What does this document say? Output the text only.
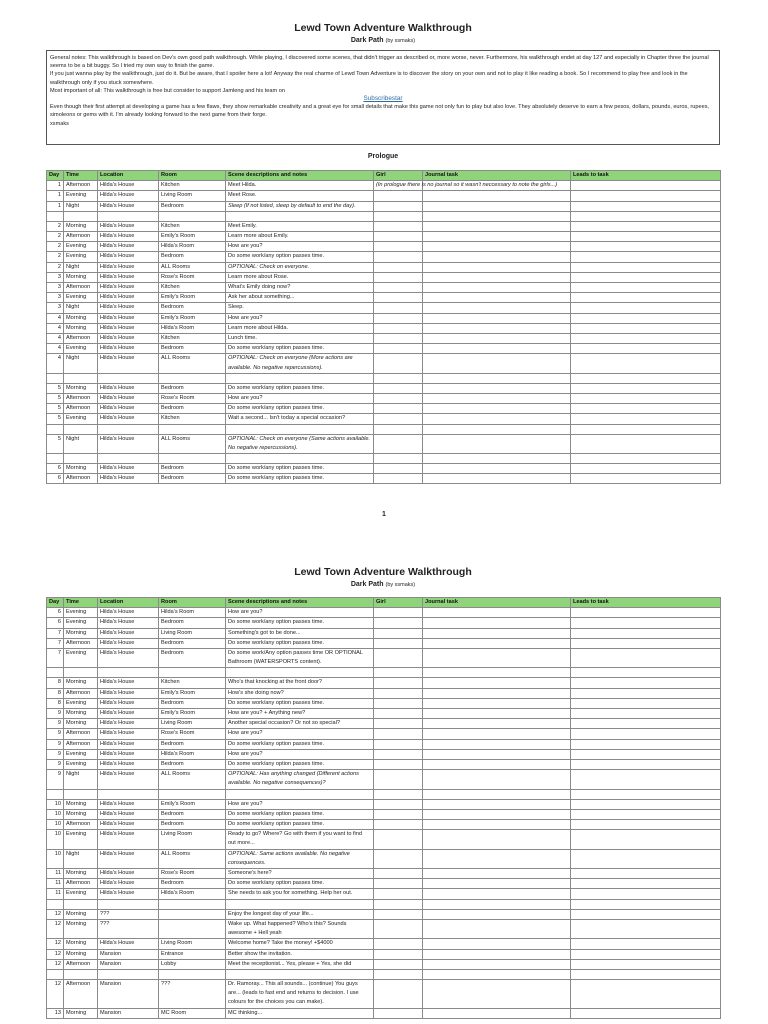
Lewd Town Adventure Walkthrough
Dark Path (by xsmaks)
General notes: This walkthrough is based on Dev's own good path walkthrough. While playing, I discovered some scenes, that didn't trigger as described or, more worse, never. Furthermore, his walkthrough endet at day 127 and especially in Chapter three the journal seems to be a bit buggy. So I tried my own way to finish the game.
If you just wanna play by the walkthrough, just do it. But be aware, that I spoiler here a lot! Anyway the real charme of Lewd Town Adventure is to discover the story on your own and not to play it like reading a book. So I recommend to play free and look in the walkthrough only if you stuck somewhere.
Most important of all: This walkthrough is free but consider to support Jamleng and his team on
Subscribestar
Even though their first attempt at developing a game has a few flaws, they show remarkable creativity and a great eye for small details that make this game not only fun to play but also love. They absolutely deserve to earn a few pesos, dollars, pounds, euros, rupees, simoleons or gems with it. I'm already looking forward to the next game from their forge.
xsmaks
Prologue
Day	Time	Location	Room	Scene descriptions and notes	Girl	Journal task	Leads to task
1	Afternoon	Hilda's House	Kitchen	Meet Hilda.	(In prologue there is no journal so it wasn't neccessary to note the girls...)		
1	Evening	Hilda's House	Living Room	Meet Rose.			
1	Night	Hilda's House	Bedroom	Sleep (If not listed, sleep by default to end the day).			

2	Morning	Hilda's House	Kitchen	Meet Emily.			
2	Afternoon	Hilda's House	Emily's Room	Learn more about Emily.			
2	Evening	Hilda's House	Hilda's Room	How are you?			
2	Evening	Hilda's House	Bedroom	Do some work/any option passes time.			
2	Night	Hilda's House	ALL Rooms	OPTIONAL: Check on everyone.			
3	Morning	Hilda's House	Rose's Room	Learn more about Rose.			
3	Afternoon	Hilda's House	Kitchen	What's Emily doing now?			
3	Evening	Hilda's House	Emily's Room	Ask her about something...			
3	Night	Hilda's House	Bedroom	Sleep.			
4	Morning	Hilda's House	Emily's Room	How are you?			
4	Morning	Hilda's House	Hilda's Room	Learn more about Hilda.			
4	Afternoon	Hilda's House	Kitchen	Lunch time.			
4	Evening	Hilda's House	Bedroom	Do some work/any option passes time.			
4	Night	Hilda's House	ALL Rooms	OPTIONAL: Check on everyone (More actions are available. No negative repercussions).			

5	Morning	Hilda's House	Bedroom	Do some work/any option passes time.			
5	Afternoon	Hilda's House	Rose's Room	How are you?			
5	Afternoon	Hilda's House	Bedroom	Do some work/any option passes time.			
5	Evening	Hilda's House	Kitchen	Wait a second... Isn't today a special occasion?			

5	Night	Hilda's House	ALL Rooms	OPTIONAL: Check on everyone (Same actions available. No negative repercussions).			

6	Morning	Hilda's House	Bedroom	Do some work/any option passes time.			
6	Afternoon	Hilda's House	Bedroom	Do some work/any option passes time.			
1
Lewd Town Adventure Walkthrough
Dark Path (by xsmaks)
Day	Time	Location	Room	Scene descriptions and notes	Girl	Journal task	Leads to task
6	Evening	Hilda's House	Hilda's Room	How are you?			
6	Evening	Hilda's House	Bedroom	Do some work/any option passes time.			
7	Morning	Hilda's House	Living Room	Something's got to be done...			
7	Afternoon	Hilda's House	Bedroom	Do some work/any option passes time.			
7	Evening	Hilda's House	Bedroom	Do some work/Any option passes time OR OPTIONAL Bathroom (WATERSPORTS content).			

8	Morning	Hilda's House	Kitchen	Who's that knocking at the front door?			
8	Afternoon	Hilda's House	Emily's Room	How's she doing now?			
8	Evening	Hilda's House	Bedroom	Do some work/any option passes time.			
9	Morning	Hilda's House	Emily's Room	How are you? + Anything new?			
9	Morning	Hilda's House	Living Room	Another special occasion? Or not so special?			
9	Afternoon	Hilda's House	Rose's Room	How are you?			
9	Afternoon	Hilda's House	Bedroom	Do some work/any option passes time.			
9	Evening	Hilda's House	Hilda's Room	How are you?			
9	Evening	Hilda's House	Bedroom	Do some work/any option passes time.			
9	Night	Hilda's House	ALL Rooms	OPTIONAL: Has anything changed (Different actions available. No negative consequences)?			

10	Morning	Hilda's House	Emily's Room	How are you?			
10	Morning	Hilda's House	Bedroom	Do some work/any option passes time.			
10	Afternoon	Hilda's House	Bedroom	Do some work/any option passes time.			
10	Evening	Hilda's House	Living Room	Ready to go? Where? Go with them if you want to find out more...			
10	Night	Hilda's House	ALL Rooms	OPTIONAL: Same actions available. No negative consequences.			
11	Morning	Hilda's House	Rose's Room	Someone's here?			
11	Afternoon	Hilda's House	Bedroom	Do some work/any option passes time.			
11	Evening	Hilda's House	Hilda's Room	She needs to ask you for something. Help her out.			

12	Morning	???		Enjoy the longest day of your life...			
12	Morning	???		Wake up. What happened? Who's this? Sounds awesome + Hell yeah			
12	Morning	Hilda's House	Living Room	Welcome home? Take the money! +$4000			
12	Morning	Mansion	Entrance	Better show the invitation.			
12	Afternoon	Mansion	Lobby	Meet the receptionist... Yes, please + Yes, she did			

12	Afternoon	Mansion	???	Dr. Ramoray... This all sounds... (continue) You guys are... (leads to fast end and returns to decision. I use colours for the choices you can make).			
13	Morning	Mansion	MC Room	MC thinking...			
